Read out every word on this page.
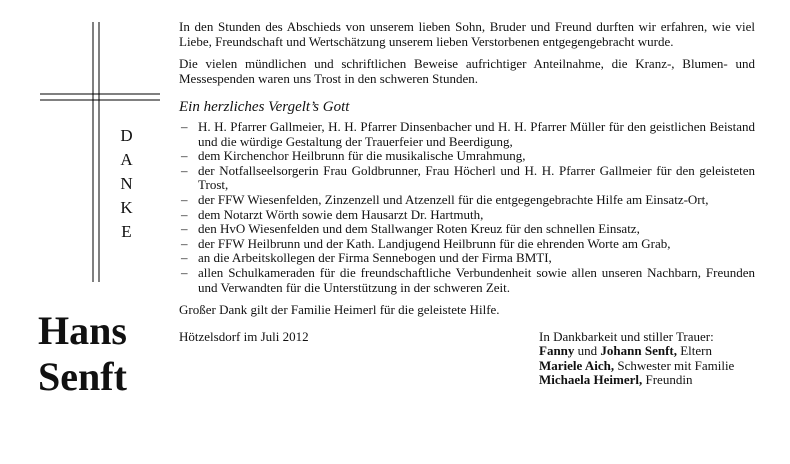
D
A
N
K
E
Hans
Senft

In den Stunden des Abschieds von unserem lieben Sohn, Bruder und Freund durften wir erfahren, wie viel Liebe, Freundschaft und Wertschätzung unserem lieben Verstorbenen entgegengebracht wurde.

Die vielen mündlichen und schriftlichen Beweise aufrichtiger Anteilnahme, die Kranz-, Blumen- und Messespenden waren uns Trost in den schweren Stunden.

Ein herzliches Vergelt’s Gott
– H. H. Pfarrer Gallmeier, H. H. Pfarrer Dinsenbacher und H. H. Pfarrer Müller für den geistlichen Beistand und die würdige Gestaltung der Trauerfeier und Beerdigung,
– dem Kirchenchor Heilbrunn für die musikalische Umrahmung,
– der Notfallseelsorgerin Frau Goldbrunner, Frau Höcherl und H. H. Pfarrer Gallmeier für den geleisteten Trost,
– der FFW Wiesenfelden, Zinzenzell und Atzenzell für die entgegengebrachte Hilfe am Einsatz-Ort,
– dem Notarzt Wörth sowie dem Hausarzt Dr. Hartmuth,
– den HvO Wiesenfelden und dem Stallwanger Roten Kreuz für den schnellen Einsatz,
– der FFW Heilbrunn und der Kath. Landjugend Heilbrunn für die ehrenden Worte am Grab,
– an die Arbeitskollegen der Firma Sennebogen und der Firma BMTI,
– allen Schulkameraden für die freundschaftliche Verbundenheit sowie allen unseren Nachbarn, Freunden und Verwandten für die Unterstützung in der schweren Zeit.

Großer Dank gilt der Familie Heimerl für die geleistete Hilfe.

Hötzelsdorf im Juli 2012	In Dankbarkeit und stiller Trauer:
Fanny und Johann Senft, Eltern
Mariele Aich, Schwester mit Familie
Michaela Heimerl, Freundin
